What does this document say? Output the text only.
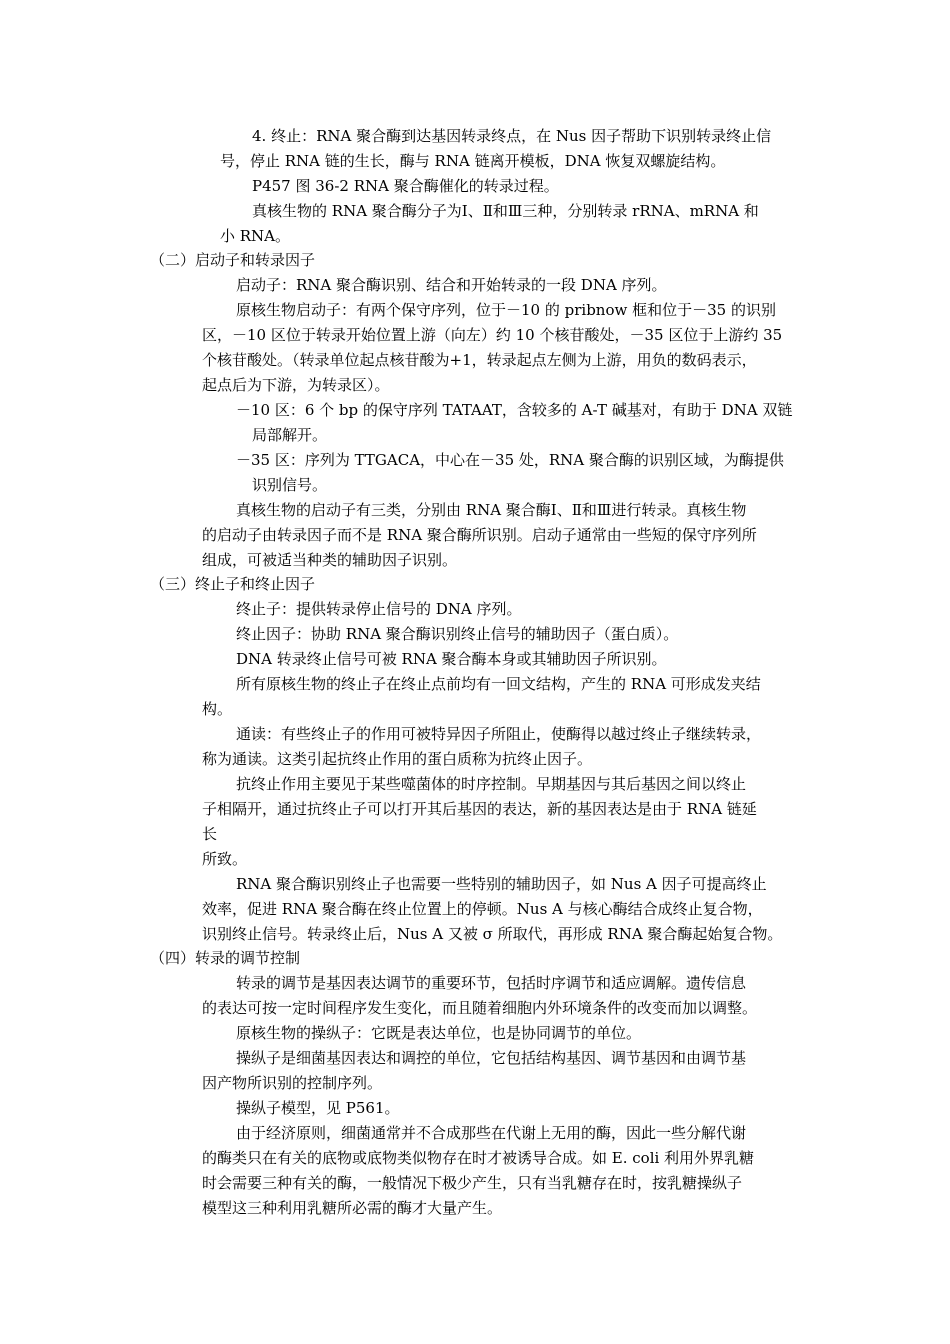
4. 终止：RNA 聚合酶到达基因转录终点，在 Nus 因子帮助下识别转录终止信

号，停止 RNA 链的生长，酶与 RNA 链离开模板，DNA 恢复双螺旋结构。

P457 图 36-2 RNA 聚合酶催化的转录过程。

真核生物的 RNA 聚合酶分子为Ⅰ、Ⅱ和Ⅲ三种，分别转录 rRNA、mRNA 和

小 RNA。

（二）启动子和转录因子

启动子：RNA 聚合酶识别、结合和开始转录的一段 DNA 序列。

原核生物启动子：有两个保守序列，位于－10 的 pribnow 框和位于－35 的识别

区，－10 区位于转录开始位置上游（向左）约 10 个核苷酸处，－35 区位于上游约 35

个核苷酸处。（转录单位起点核苷酸为+1，转录起点左侧为上游，用负的数码表示，

起点后为下游，为转录区）。

－10 区：6 个 bp 的保守序列 TATAAT，含较多的 A-T 碱基对，有助于 DNA 双链

局部解开。

－35 区：序列为 TTGACA，中心在－35 处，RNA 聚合酶的识别区域，为酶提供

识别信号。

真核生物的启动子有三类，分别由 RNA 聚合酶Ⅰ、Ⅱ和Ⅲ进行转录。真核生物

的启动子由转录因子而不是 RNA 聚合酶所识别。启动子通常由一些短的保守序列所

组成，可被适当种类的辅助因子识别。

（三）终止子和终止因子

终止子：提供转录停止信号的 DNA 序列。

终止因子：协助 RNA 聚合酶识别终止信号的辅助因子（蛋白质）。

DNA 转录终止信号可被 RNA 聚合酶本身或其辅助因子所识别。

所有原核生物的终止子在终止点前均有一回文结构，产生的 RNA 可形成发夹结

构。

通读：有些终止子的作用可被特异因子所阻止，使酶得以越过终止子继续转录，

称为通读。这类引起抗终止作用的蛋白质称为抗终止因子。

抗终止作用主要见于某些噬菌体的时序控制。早期基因与其后基因之间以终止

子相隔开，通过抗终止子可以打开其后基因的表达，新的基因表达是由于 RNA 链延

长

所致。

RNA 聚合酶识别终止子也需要一些特别的辅助因子，如 Nus A 因子可提高终止

效率，促进 RNA 聚合酶在终止位置上的停顿。Nus A 与核心酶结合成终止复合物，

识别终止信号。转录终止后，Nus A 又被 σ 所取代，再形成 RNA 聚合酶起始复合物。

（四）转录的调节控制

转录的调节是基因表达调节的重要环节，包括时序调节和适应调解。遗传信息

的表达可按一定时间程序发生变化，而且随着细胞内外环境条件的改变而加以调整。

原核生物的操纵子：它既是表达单位，也是协同调节的单位。

操纵子是细菌基因表达和调控的单位，它包括结构基因、调节基因和由调节基

因产物所识别的控制序列。

操纵子模型，见 P561。

由于经济原则，细菌通常并不合成那些在代谢上无用的酶，因此一些分解代谢

的酶类只在有关的底物或底物类似物存在时才被诱导合成。如 E. coli 利用外界乳糖

时会需要三种有关的酶，一般情况下极少产生，只有当乳糖存在时，按乳糖操纵子

模型这三种利用乳糖所必需的酶才大量产生。
